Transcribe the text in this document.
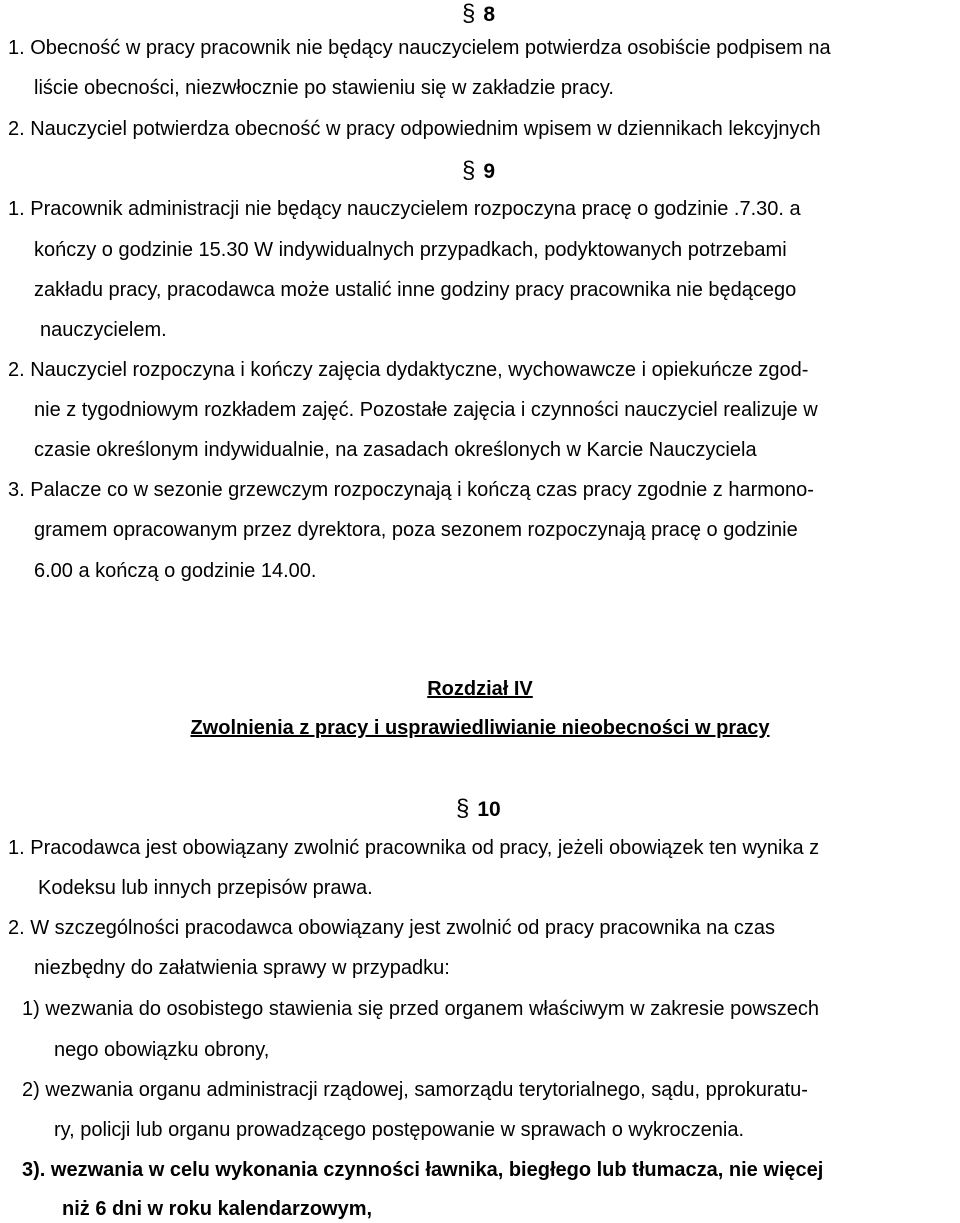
§ 8
1. Obecność w pracy pracownik nie będący nauczycielem potwierdza osobiście podpisem na
liście obecności, niezwłocznie po stawieniu się w zakładzie pracy.
2. Nauczyciel potwierdza obecność w pracy odpowiednim wpisem w dziennikach lekcyjnych
§ 9
1. Pracownik administracji nie będący nauczycielem rozpoczyna pracę o godzinie .7.30. a
kończy o godzinie 15.30 W indywidualnych przypadkach, podyktowanych potrzebami
zakładu pracy, pracodawca może ustalić inne godziny pracy pracownika nie będącego
nauczycielem.
2. Nauczyciel rozpoczyna i kończy zajęcia dydaktyczne, wychowawcze i opiekuńcze zgod-
nie z tygodniowym rozkładem zajęć. Pozostałe zajęcia i czynności nauczyciel realizuje w
czasie określonym indywidualnie, na zasadach określonych w Karcie Nauczyciela
3. Palacze co w sezonie grzewczym rozpoczynają i kończą czas pracy zgodnie z harmono-
gramem opracowanym przez dyrektora, poza sezonem rozpoczynają pracę o godzinie
6.00 a kończą o godzinie 14.00.
Rozdział IV
Zwolnienia z pracy i usprawiedliwianie nieobecności w pracy
§ 10
1. Pracodawca jest obowiązany zwolnić pracownika od pracy, jeżeli obowiązek ten wynika z
Kodeksu lub innych przepisów prawa.
2. W szczególności pracodawca obowiązany jest zwolnić od pracy pracownika na czas
niezbędny do załatwienia sprawy w przypadku:
1) wezwania do osobistego stawienia się przed organem właściwym w zakresie powszech
nego obowiązku obrony,
2) wezwania organu administracji rządowej, samorządu terytorialnego, sądu, pprokuratu-
ry, policji lub organu prowadzącego postępowanie w sprawach o wykroczenia.
3). wezwania w celu wykonania czynności ławnika, biegłego lub tłumacza, nie więcej
niż 6 dni w roku kalendarzowym,
